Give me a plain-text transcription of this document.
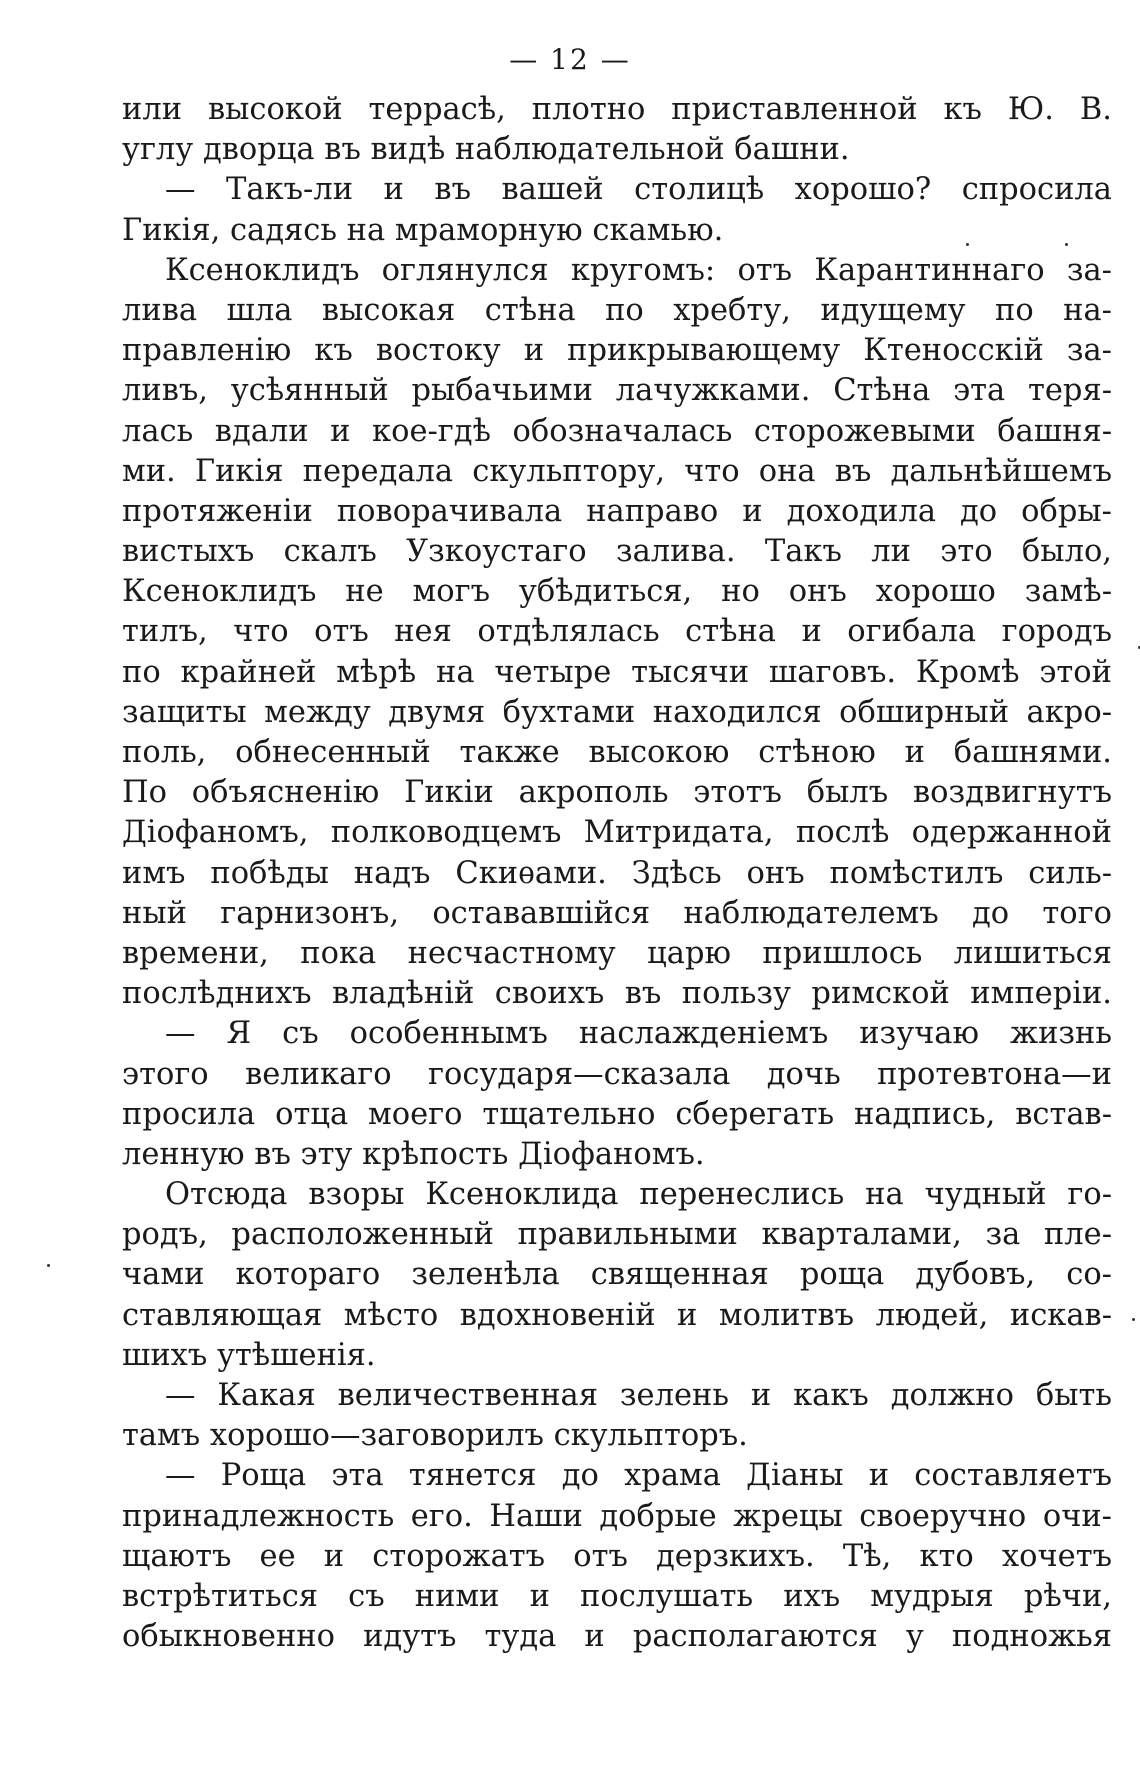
— 12 —
или высокой террасѣ, плотно приставленной къ Ю. В.
углу дворца въ видѣ наблюдательной башни.
— Такъ-ли и въ вашей столицѣ хорошо? спросила
Гикія, садясь на мраморную скамью.
Ксеноклидъ оглянулся кругомъ: отъ Карантиннаго за-
лива шла высокая стѣна по хребту, идущему по на-
правленію къ востоку и прикрывающему Ктеносскій за-
ливъ, усѣянный рыбачьими лачужками. Стѣна эта теря-
лась вдали и кое-гдѣ обозначалась сторожевыми башня-
ми. Гикія передала скульптору, что она въ дальнѣйшемъ
протяженіи поворачивала направо и доходила до обры-
вистыхъ скалъ Узкоустаго залива. Такъ ли это было,
Ксеноклидъ не могъ убѣдиться, но онъ хорошо замѣ-
тилъ, что отъ нея отдѣлялась стѣна и огибала городъ
по крайней мѣрѣ на четыре тысячи шаговъ. Кромѣ этой
защиты между двумя бухтами находился обширный акро-
поль, обнесенный также высокою стѣною и башнями.
По объясненію Гикіи акрополь этотъ былъ воздвигнутъ
Діофаномъ, полководцемъ Митридата, послѣ одержанной
имъ побѣды надъ Скиѳами. Здѣсь онъ помѣстилъ силь-
ный гарнизонъ, остававшійся наблюдателемъ до того
времени, пока несчастному царю пришлось лишиться
послѣднихъ владѣній своихъ въ пользу римской имперіи.
— Я съ особеннымъ наслажденіемъ изучаю жизнь
этого великаго государя—сказала дочь протевтона—и
просила отца моего тщательно сберегать надпись, встав-
ленную въ эту крѣпость Діофаномъ.
Отсюда взоры Ксеноклида перенеслись на чудный го-
родъ, расположенный правильными кварталами, за пле-
чами котораго зеленѣла священная роща дубовъ, со-
ставляющая мѣсто вдохновеній и молитвъ людей, искав-
шихъ утѣшенія.
— Какая величественная зелень и какъ должно быть
тамъ хорошо—заговорилъ скульпторъ.
— Роща эта тянется до храма Діаны и составляетъ
принадлежность его. Наши добрые жрецы своеручно очи-
щаютъ ее и сторожатъ отъ дерзкихъ. Тѣ, кто хочетъ
встрѣтиться съ ними и послушать ихъ мудрыя рѣчи,
обыкновенно идутъ туда и располагаются у подножья
